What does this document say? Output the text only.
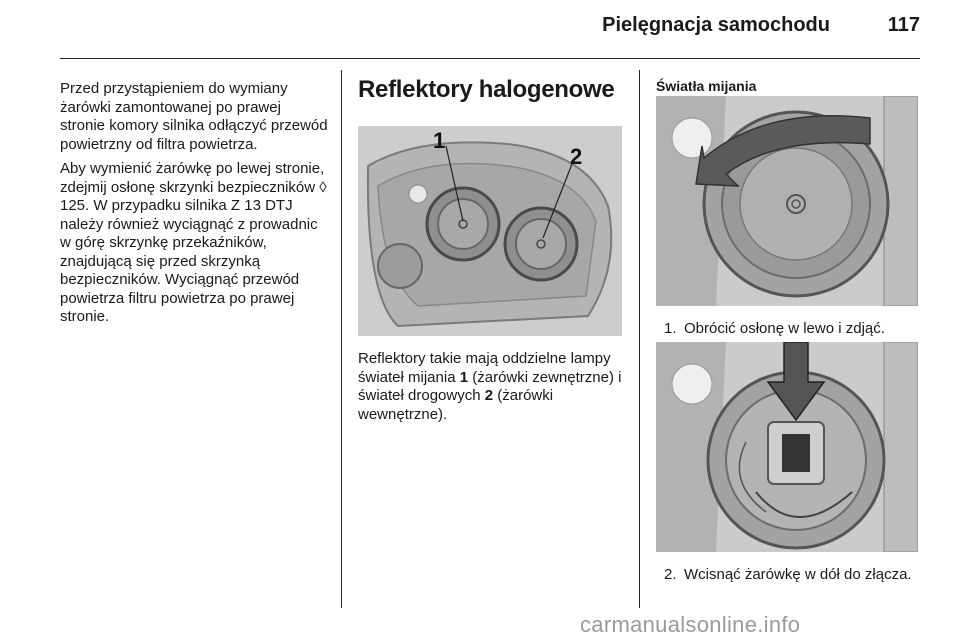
Pielęgnacja samochodu	117

Przed przystąpieniem do wymiany żarówki zamontowanej po prawej stronie komory silnika odłączyć przewód powietrzny od filtra powietrza.

Aby wymienić żarówkę po lewej stronie, zdejmij osłonę skrzynki bezpieczników ◊ 125. W przypadku silnika Z 13 DTJ należy również wyciągnąć z prowadnic w górę skrzynkę przekaźników, znajdującą się przed skrzynką bezpieczników. Wyciągnąć przewód powietrza filtru powietrza po prawej stronie.

Reflektory halogenowe
1
2
Reflektory takie mają oddzielne lampy świateł mijania 1 (żarówki zewnętrzne) i świateł drogowych 2 (żarówki wewnętrzne).
Światła mijania
1. Obrócić osłonę w lewo i zdjąć.
2. Wcisnąć żarówkę w dół do złącza.
carmanualsonline.info
